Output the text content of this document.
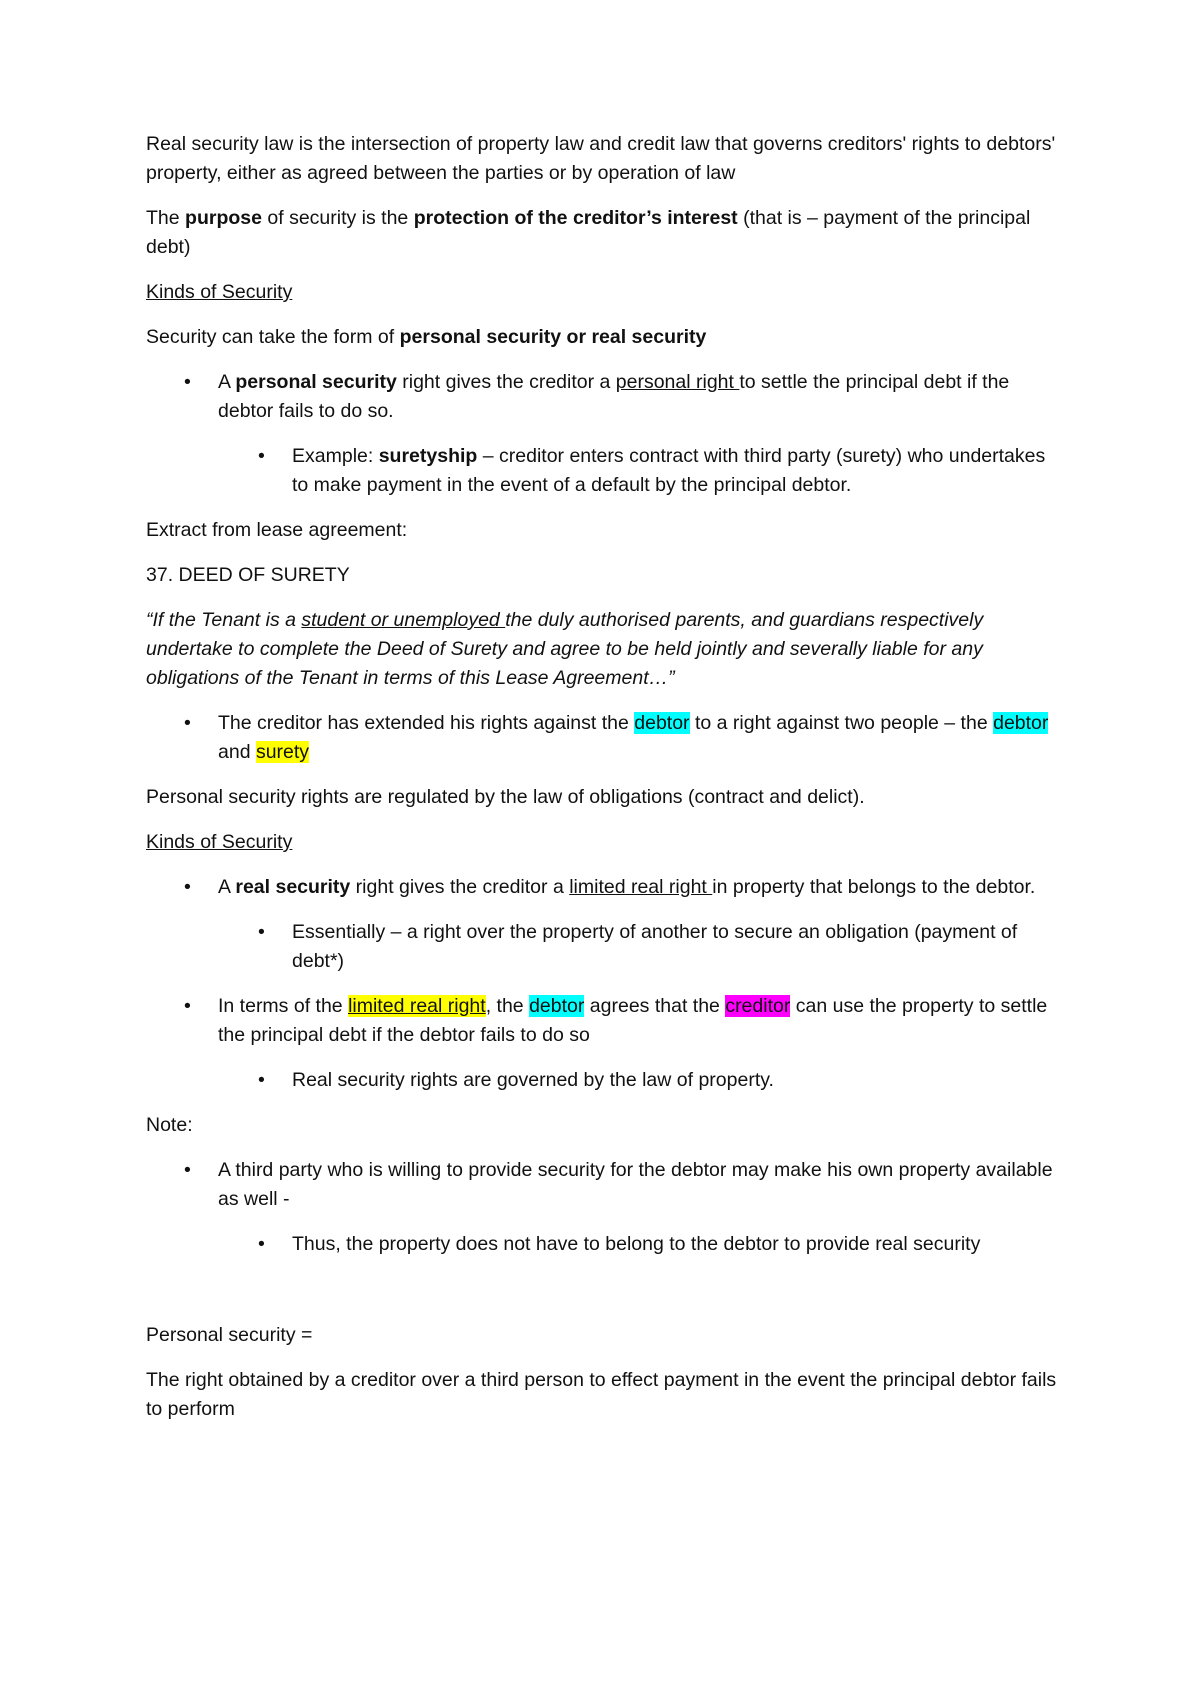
Real security law is the intersection of property law and credit law that governs creditors' rights to debtors' property, either as agreed between the parties or by operation of law

The purpose of security is the protection of the creditor’s interest (that is – payment of the principal debt)

Kinds of Security

Security can take the form of personal security or real security

• A personal security right gives the creditor a personal right to settle the principal debt if the debtor fails to do so.
• Example: suretyship – creditor enters contract with third party (surety) who undertakes to make payment in the event of a default by the principal debtor.

Extract from lease agreement:

37. DEED OF SURETY

“If the Tenant is a student or unemployed the duly authorised parents, and guardians respectively undertake to complete the Deed of Surety and agree to be held jointly and severally liable for any obligations of the Tenant in terms of this Lease Agreement…”

• The creditor has extended his rights against the debtor to a right against two people – the debtor and surety

Personal security rights are regulated by the law of obligations (contract and delict).

Kinds of Security

• A real security right gives the creditor a limited real right in property that belongs to the debtor.
• Essentially – a right over the property of another to secure an obligation (payment of debt*)
• In terms of the limited real right, the debtor agrees that the creditor can use the property to settle the principal debt if the debtor fails to do so
• Real security rights are governed by the law of property.

Note:

• A third party who is willing to provide security for the debtor may make his own property available as well -
• Thus, the property does not have to belong to the debtor to provide real security

Personal security =

The right obtained by a creditor over a third person to effect payment in the event the principal debtor fails to perform
